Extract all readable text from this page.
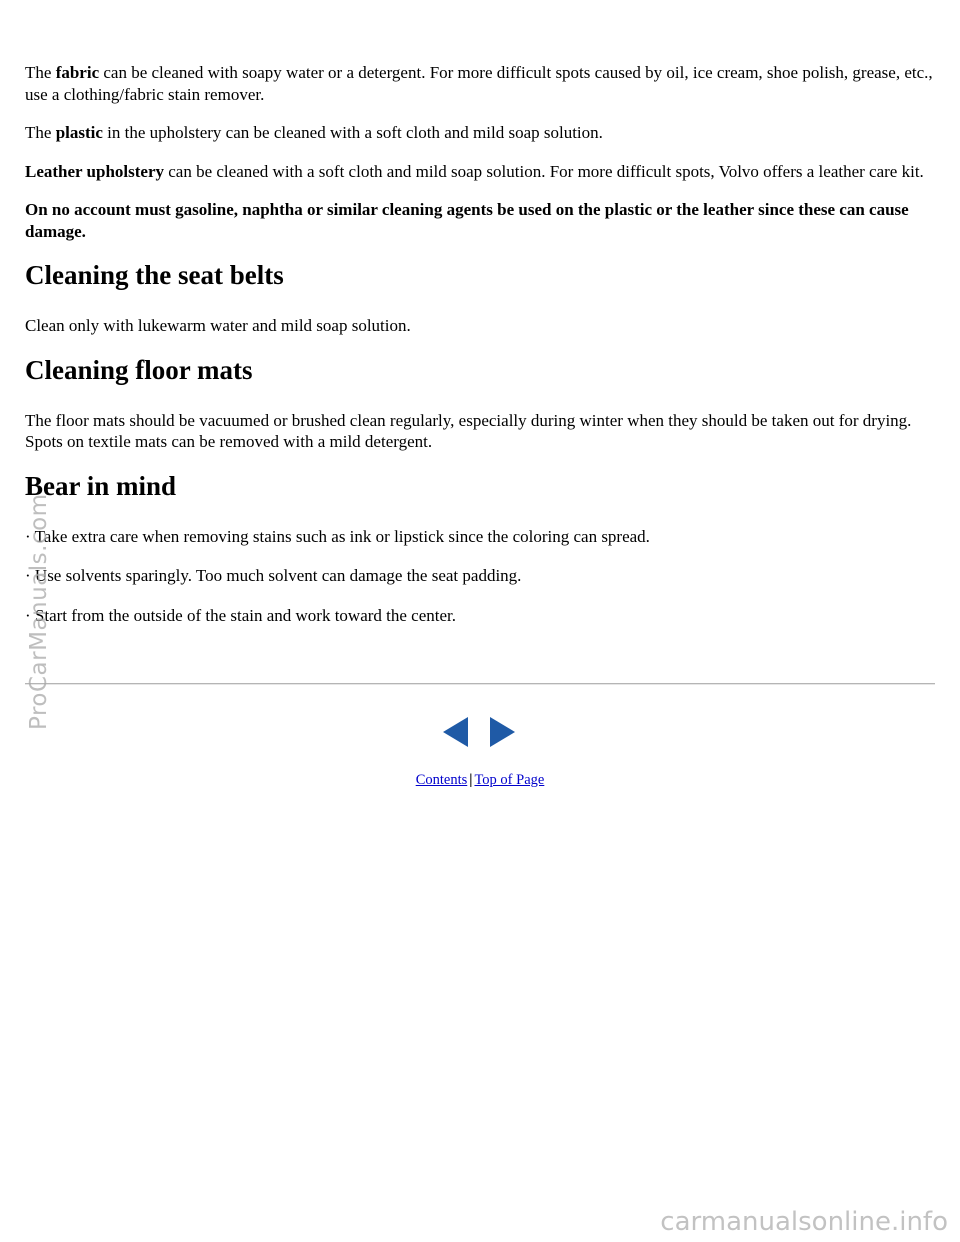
The fabric can be cleaned with soapy water or a detergent. For more difficult spots caused by oil, ice cream, shoe polish, grease, etc., use a clothing/fabric stain remover.

The plastic in the upholstery can be cleaned with a soft cloth and mild soap solution.

Leather upholstery can be cleaned with a soft cloth and mild soap solution. For more difficult spots, Volvo offers a leather care kit.

On no account must gasoline, naphtha or similar cleaning agents be used on the plastic or the leather since these can cause damage.

Cleaning the seat belts

Clean only with lukewarm water and mild soap solution.

Cleaning floor mats

The floor mats should be vacuumed or brushed clean regularly, especially during winter when they should be taken out for drying. Spots on textile mats can be removed with a mild detergent.

Bear in mind

· Take extra care when removing stains such as ink or lipstick since the coloring can spread.

· Use solvents sparingly. Too much solvent can damage the seat padding.

· Start from the outside of the stain and work toward the center.

Contents | Top of Page
ProCarManuals.com
carmanualsonline.info
